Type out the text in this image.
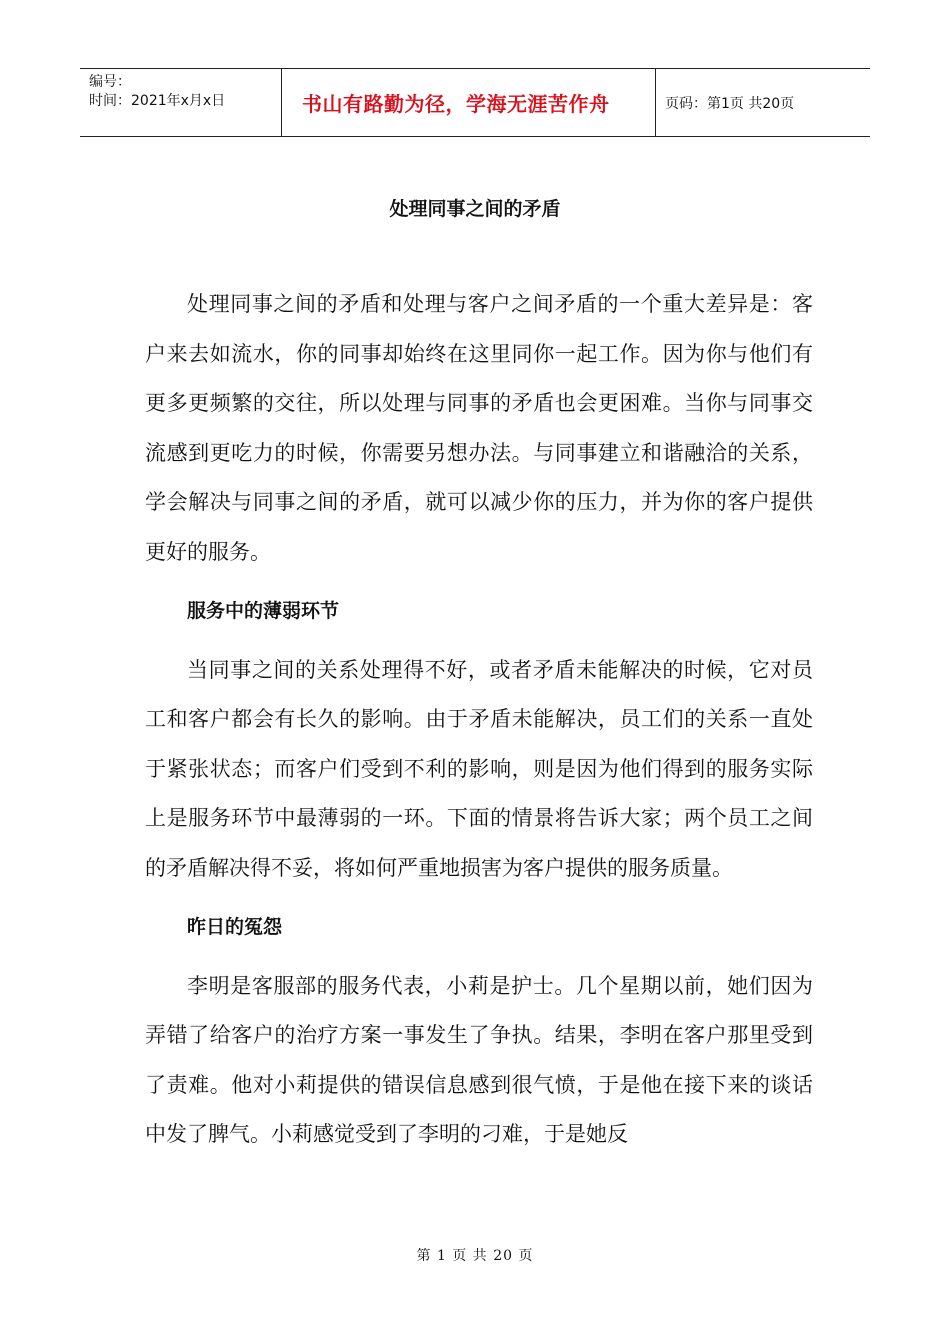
编号：
时间：2021年x月x日	书山有路勤为径，学海无涯苦作舟	页码：第1页 共20页
处理同事之间的矛盾

处理同事之间的矛盾和处理与客户之间矛盾的一个重大差异是：客户来去如流水，你的同事却始终在这里同你一起工作。因为你与他们有更多更频繁的交往，所以处理与同事的矛盾也会更困难。当你与同事交流感到更吃力的时候，你需要另想办法。与同事建立和谐融洽的关系，学会解决与同事之间的矛盾，就可以减少你的压力，并为你的客户提供更好的服务。

服务中的薄弱环节

当同事之间的关系处理得不好，或者矛盾未能解决的时候，它对员工和客户都会有长久的影响。由于矛盾未能解决，员工们的关系一直处于紧张状态；而客户们受到不利的影响，则是因为他们得到的服务实际上是服务环节中最薄弱的一环。下面的情景将告诉大家；两个员工之间的矛盾解决得不妥，将如何严重地损害为客户提供的服务质量。

昨日的冤怨

李明是客服部的服务代表，小莉是护士。几个星期以前，她们因为弄错了给客户的治疗方案一事发生了争执。结果，李明在客户那里受到了责难。他对小莉提供的错误信息感到很气愤，于是他在接下来的谈话中发了脾气。小莉感觉受到了李明的刁难，于是她反

第 1 页 共 20 页
